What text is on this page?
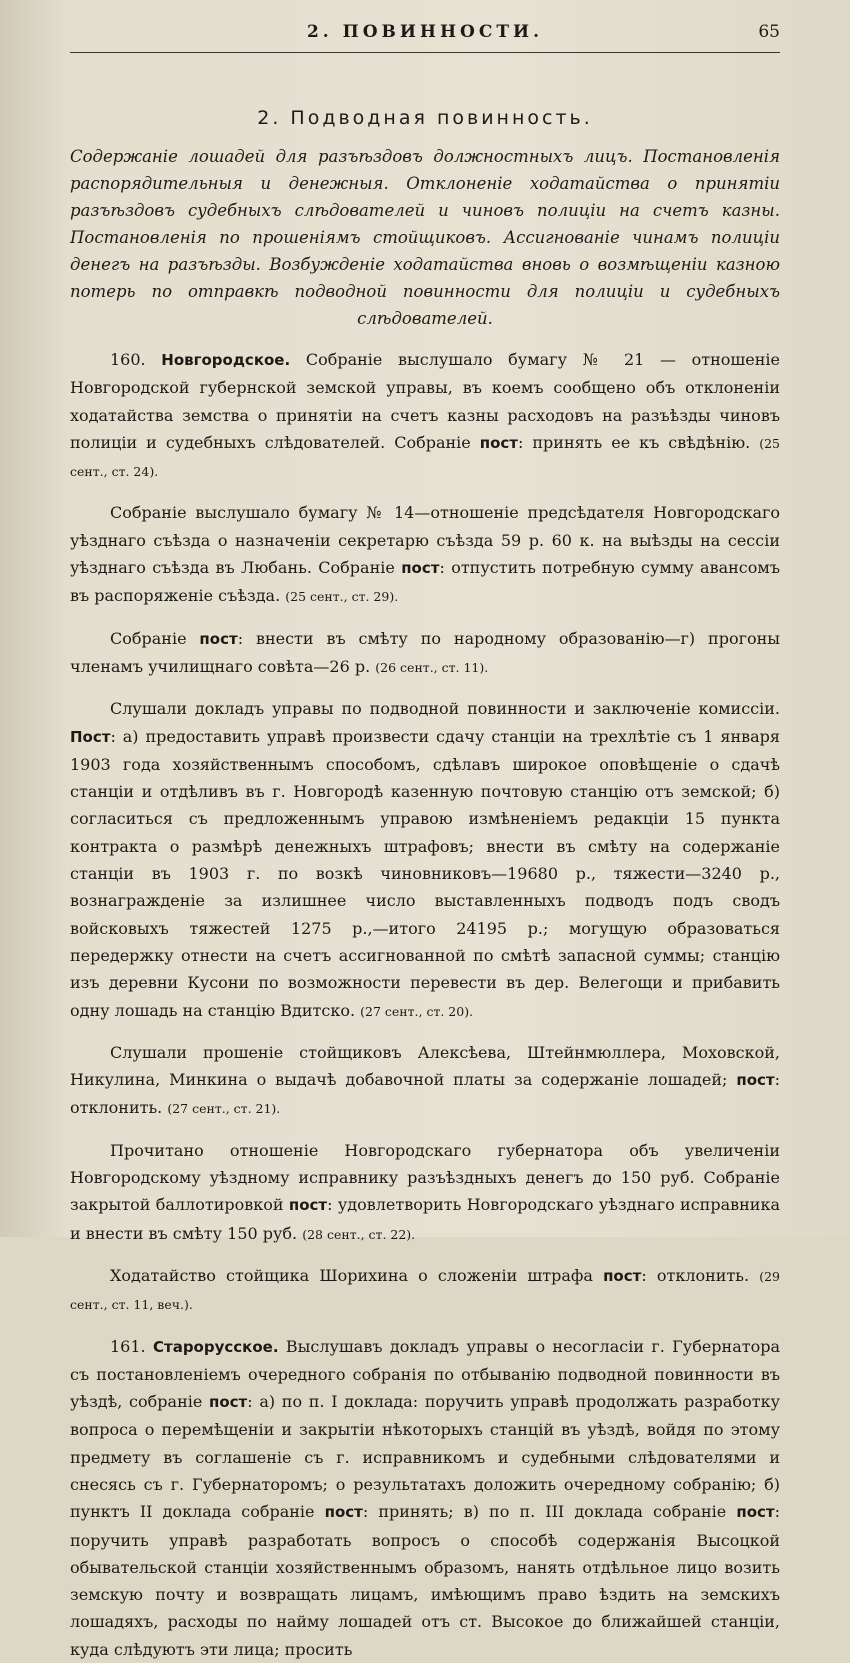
2. ПОВИННОСТИ.	65
2. Подводная повинность.
Содержаніе лошадей для разъѣздовъ должностныхъ лицъ. Постановленія распорядительныя и денежныя. Отклоненіе ходатайства о принятіи разъѣздовъ судебныхъ слѣдователей и чиновъ полиціи на счетъ казны. Постановленія по прошеніямъ стойщиковъ. Ассигнованіе чинамъ полиціи денегъ на разъѣзды. Возбужденіе ходатайства вновь о возмѣщеніи казною потерь по отправкѣ подводной повинности для полиціи и судебныхъ слѣдователей.

160. Новгородское. Собраніе выслушало бумагу № 21 — отношеніе Новгородской губернской земской управы, въ коемъ сообщено объ отклоненіи ходатайства земства о принятіи на счетъ казны расходовъ на разъѣзды чиновъ полиціи и судебныхъ слѣдователей. Собраніе пост: принять ее къ свѣдѣнію. (25 сент., ст. 24).

Собраніе выслушало бумагу № 14—отношеніе предсѣдателя Новгородскаго уѣзднаго съѣзда о назначеніи секретарю съѣзда 59 р. 60 к. на выѣзды на сессіи уѣзднаго съѣзда въ Любань. Собраніе пост: отпустить потребную сумму авансомъ въ распоряженіе съѣзда. (25 сент., ст. 29).

Собраніе пост: внести въ смѣту по народному образованію—г) прогоны членамъ училищнаго совѣта—26 р. (26 сент., ст. 11).

Слушали докладъ управы по подводной повинности и заключеніе комиссіи. Пост: а) предоставить управѣ произвести сдачу станціи на трехлѣтіе съ 1 января 1903 года хозяйственнымъ способомъ, сдѣлавъ широкое оповѣщеніе о сдачѣ станціи и отдѣливъ въ г. Новгородѣ казенную почтовую станцію отъ земской; б) согласиться съ предложеннымъ управою измѣненіемъ редакціи 15 пункта контракта о размѣрѣ денежныхъ штрафовъ; внести въ смѣту на содержаніе станціи въ 1903 г. по возкѣ чиновниковъ—19680 р., тяжести—3240 р., вознагражденіе за излишнее число выставленныхъ подводъ подъ сводъ войсковыхъ тяжестей 1275 р.,—итого 24195 р.; могущую образоваться передержку отнести на счетъ ассигнованной по смѣтѣ запасной суммы; станцію изъ деревни Кусони по возможности перевести въ дер. Велегощи и прибавить одну лошадь на станцію Вдитско. (27 сент., ст. 20).

Слушали прошеніе стойщиковъ Алексѣева, Штейнмюллера, Моховской, Никулина, Минкина о выдачѣ добавочной платы за содержаніе лошадей; пост: отклонить. (27 сент., ст. 21).

Прочитано отношеніе Новгородскаго губернатора объ увеличеніи Новгородскому уѣздному исправнику разъѣздныхъ денегъ до 150 руб. Собраніе закрытой баллотировкой пост: удовлетворить Новгородскаго уѣзднаго исправника и внести въ смѣту 150 руб. (28 сент., ст. 22).

Ходатайство стойщика Шорихина о сложеніи штрафа пост: отклонить. (29 сент., ст. 11, веч.).

161. Старорусское. Выслушавъ докладъ управы о несогласіи г. Губернатора съ постановленіемъ очередного собранія по отбыванію подводной повинности въ уѣздѣ, собраніе пост: а) по п. I доклада: поручить управѣ продолжать разработку вопроса о перемѣщеніи и закрытіи нѣкоторыхъ станцій въ уѣздѣ, войдя по этому предмету въ соглашеніе съ г. исправникомъ и судебными слѣдователями и снесясь съ г. Губернаторомъ; о результатахъ доложить очередному собранію; б) пунктъ II доклада собраніе пост: принять; в) по п. III доклада собраніе пост: поручить управѣ разработать вопросъ о способѣ содержанія Высоцкой обывательской станціи хозяйственнымъ образомъ, нанять отдѣльное лицо возить земскую почту и возвращать лицамъ, имѣющимъ право ѣздить на земскихъ лошадяхъ, расходы по найму лошадей отъ ст. Высокое до ближайшей станціи, куда слѣдуютъ эти лица; просить
